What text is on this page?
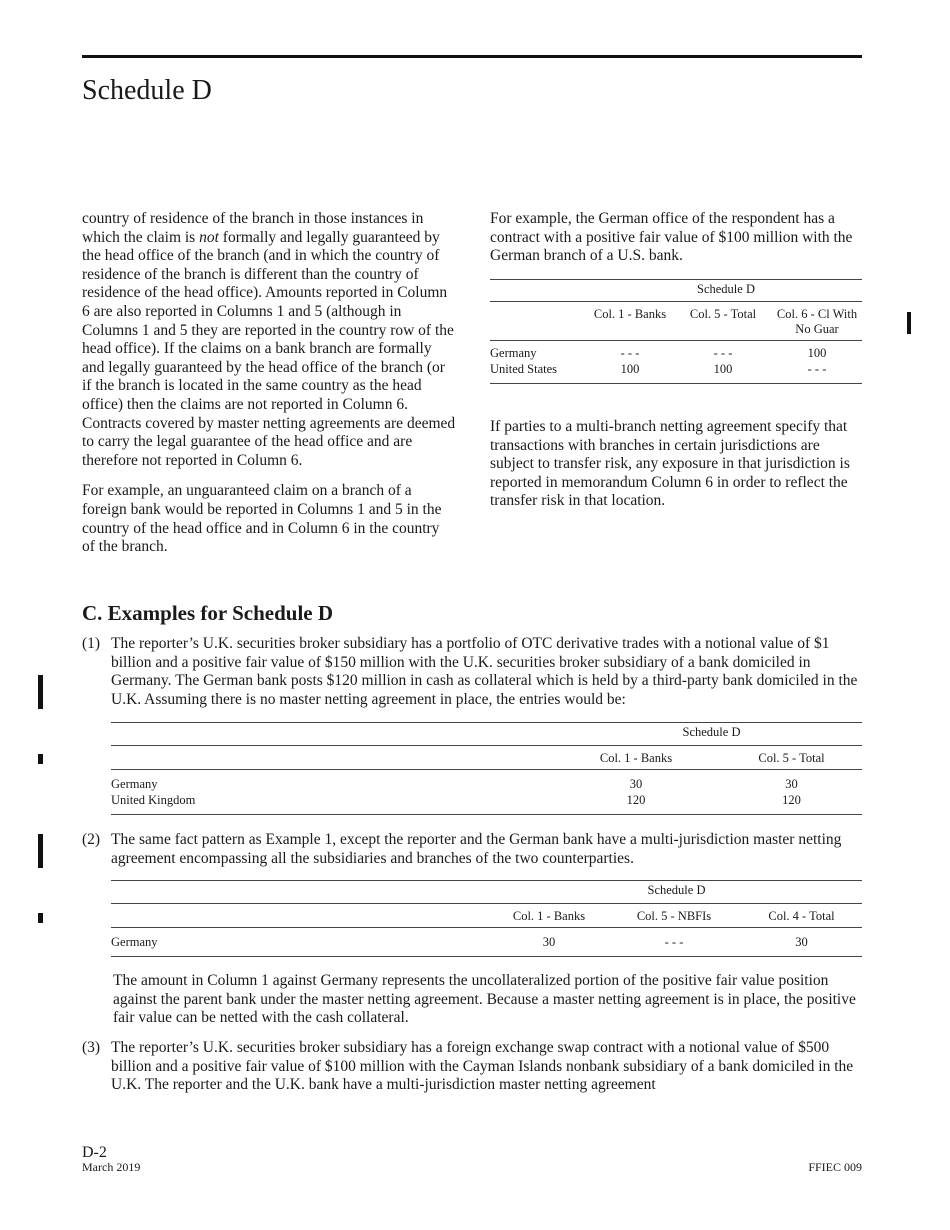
Schedule D

country of residence of the branch in those instances in which the claim is not formally and legally guaranteed by the head office of the branch (and in which the country of residence of the branch is different than the country of residence of the head office). Amounts reported in Column 6 are also reported in Columns 1 and 5 (although in Columns 1 and 5 they are reported in the country row of the head office). If the claims on a bank branch are formally and legally guaranteed by the head office of the branch (or if the branch is located in the same country as the head office) then the claims are not reported in Column 6. Contracts covered by master netting agreements are deemed to carry the legal guarantee of the head office and are therefore not reported in Column 6.

For example, an unguaranteed claim on a branch of a foreign bank would be reported in Columns 1 and 5 in the country of the head office and in Column 6 in the country of the branch.

For example, the German office of the respondent has a contract with a positive fair value of $100 million with the German branch of a U.S. bank.

Schedule D
Col. 1 - Banks	Col. 5 - Total	Col. 6 - Cl With No Guar
Germany	- - -	- - -	100
United States	100	100	- - -

If parties to a multi-branch netting agreement specify that transactions with branches in certain jurisdictions are subject to transfer risk, any exposure in that jurisdiction is reported in memorandum Column 6 in order to reflect the transfer risk in that location.

C. Examples for Schedule D
(1) The reporter’s U.K. securities broker subsidiary has a portfolio of OTC derivative trades with a notional value of $1 billion and a positive fair value of $150 million with the U.K. securities broker subsidiary of a bank domiciled in Germany. The German bank posts $120 million in cash as collateral which is held by a third-party bank domiciled in the U.K. Assuming there is no master netting agreement in place, the entries would be:
Schedule D
Col. 1 - Banks	Col. 5 - Total
Germany	30	30
United Kingdom	120	120
(2) The same fact pattern as Example 1, except the reporter and the German bank have a multi-jurisdiction master netting agreement encompassing all the subsidiaries and branches of the two counterparties.
Schedule D
Col. 1 - Banks	Col. 5 - NBFIs	Col. 4 - Total
Germany	30	- - -	30
The amount in Column 1 against Germany represents the uncollateralized portion of the positive fair value position against the parent bank under the master netting agreement. Because a master netting agreement is in place, the positive fair value can be netted with the cash collateral.
(3) The reporter’s U.K. securities broker subsidiary has a foreign exchange swap contract with a notional value of $500 billion and a positive fair value of $100 million with the Cayman Islands nonbank subsidiary of a bank domiciled in the U.K. The reporter and the U.K. bank have a multi-jurisdiction master netting agreement
D-2
March 2019	FFIEC 009
